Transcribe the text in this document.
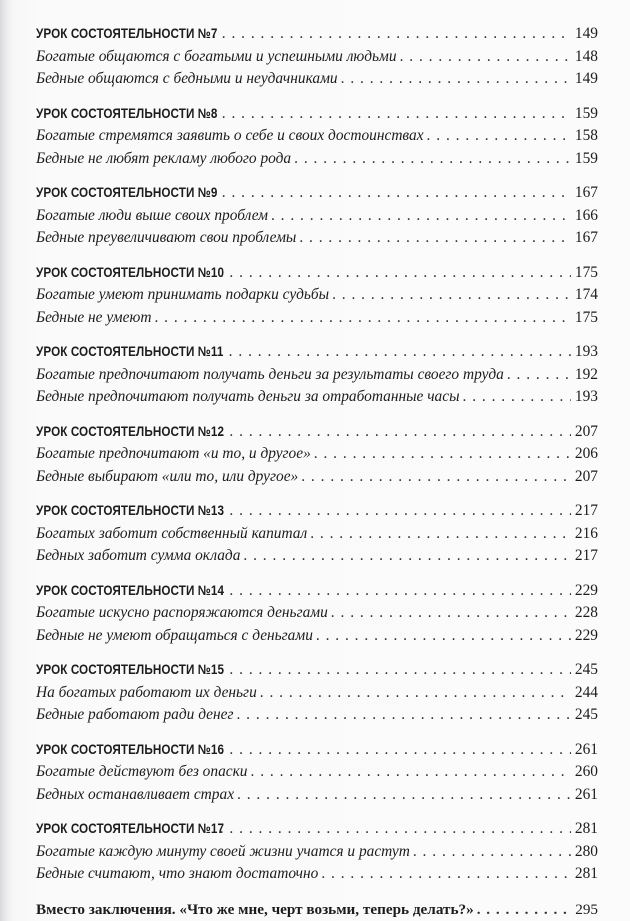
УРОК СОСТОЯТЕЛЬНОСТИ №7 . . .	149
Богатые общаются с богатыми и успешными людьми . . .	148
Бедные общаются с бедными и неудачниками . . .	149
УРОК СОСТОЯТЕЛЬНОСТИ №8 . . .	159
Богатые стремятся заявить о себе и своих достоинствах . . .	158
Бедные не любят рекламу любого рода . . .	159
УРОК СОСТОЯТЕЛЬНОСТИ №9 . . .	167
Богатые люди выше своих проблем . . .	166
Бедные преувеличивают свои проблемы . . .	167
УРОК СОСТОЯТЕЛЬНОСТИ №10 . . .	175
Богатые умеют принимать подарки судьбы . . .	174
Бедные не умеют . . .	175
УРОК СОСТОЯТЕЛЬНОСТИ №11 . . .	193
Богатые предпочитают получать деньги за результаты своего труда . . .	192
Бедные предпочитают получать деньги за отработанные часы . . .	193
УРОК СОСТОЯТЕЛЬНОСТИ №12 . . .	207
Богатые предпочитают «и то, и другое» . . .	206
Бедные выбирают «или то, или другое» . . .	207
УРОК СОСТОЯТЕЛЬНОСТИ №13 . . .	217
Богатых заботит собственный капитал . . .	216
Бедных заботит сумма оклада . . .	217
УРОК СОСТОЯТЕЛЬНОСТИ №14 . . .	229
Богатые искусно распоряжаются деньгами . . .	228
Бедные не умеют обращаться с деньгами . . .	229
УРОК СОСТОЯТЕЛЬНОСТИ №15 . . .	245
На богатых работают их деньги . . .	244
Бедные работают ради денег . . .	245
УРОК СОСТОЯТЕЛЬНОСТИ №16 . . .	261
Богатые действуют без опаски . . .	260
Бедных останавливает страх . . .	261
УРОК СОСТОЯТЕЛЬНОСТИ №17 . . .	281
Богатые каждую минуту своей жизни учатся и растут . . .	280
Бедные считают, что знают достаточно . . .	281
Вместо заключения. «Что же мне, черт возьми, теперь делать?» . . .	295
